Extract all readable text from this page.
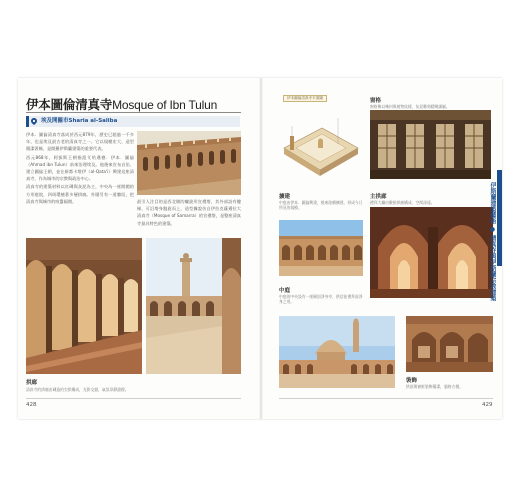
伊本圖倫清真寺Mosque of Ibn Tulun
埃及開羅市Sharia al-Saliba

伊本．圖倫清真寺落成於西元879年，歷史已超過一千多年，也是埃及最古老的清真寺之一。它以規模宏大、造型簡潔著稱，是開羅伊斯蘭建築的重要代表。

西元868年，阿拔斯王朝指派艾哈邁德．伊本．圖倫（Ahmad ibn Tulun）前來治理埃及。他後來宣布自治，建立圖倫王朝，並在新都卡塔伊（al-Qata'i）興建這座清真寺，作為城市的宗教與政治中心。

清真寺的建築材料以紅磚與灰泥為主，中央為一座開闊的方形庭院，四周環繞著多層拱廊。外圍另有一道牆垣，把清真寺與城市的喧囂隔開。	最引人注目的是西北側的螺旋形宣禮塔，其外部設有樓梯，可沿塔身盤旋而上，造型據說仿自伊拉克薩邁拉大清真寺（Mosque of Samarra）的宣禮塔，是整座清真寺最具特色的建築。

拱廊
清真寺的拱廊由磚造的尖拱構成，光影交錯，氣氛寧靜肅穆。
428
伊本圖倫清真寺平面圖	窗格
窗格飾以幾何與植物紋樣，灰泥雕刻精緻細膩。
擴建
中庭由伊本．圖倫興建，後來陸續擴建，形成今日所見的規模。
主拱廊
禮拜大廳由數排拱廊構成，空間深遠。
中庭
中庭的中央設有一座圓頂淨身亭，供信徒禮拜前淨身之用。
裝飾
拱頂與窗框裝飾簡潔，風格古樸。
伊斯蘭建築藝術 ● 清真寺與伊斯蘭宗教建築
429
